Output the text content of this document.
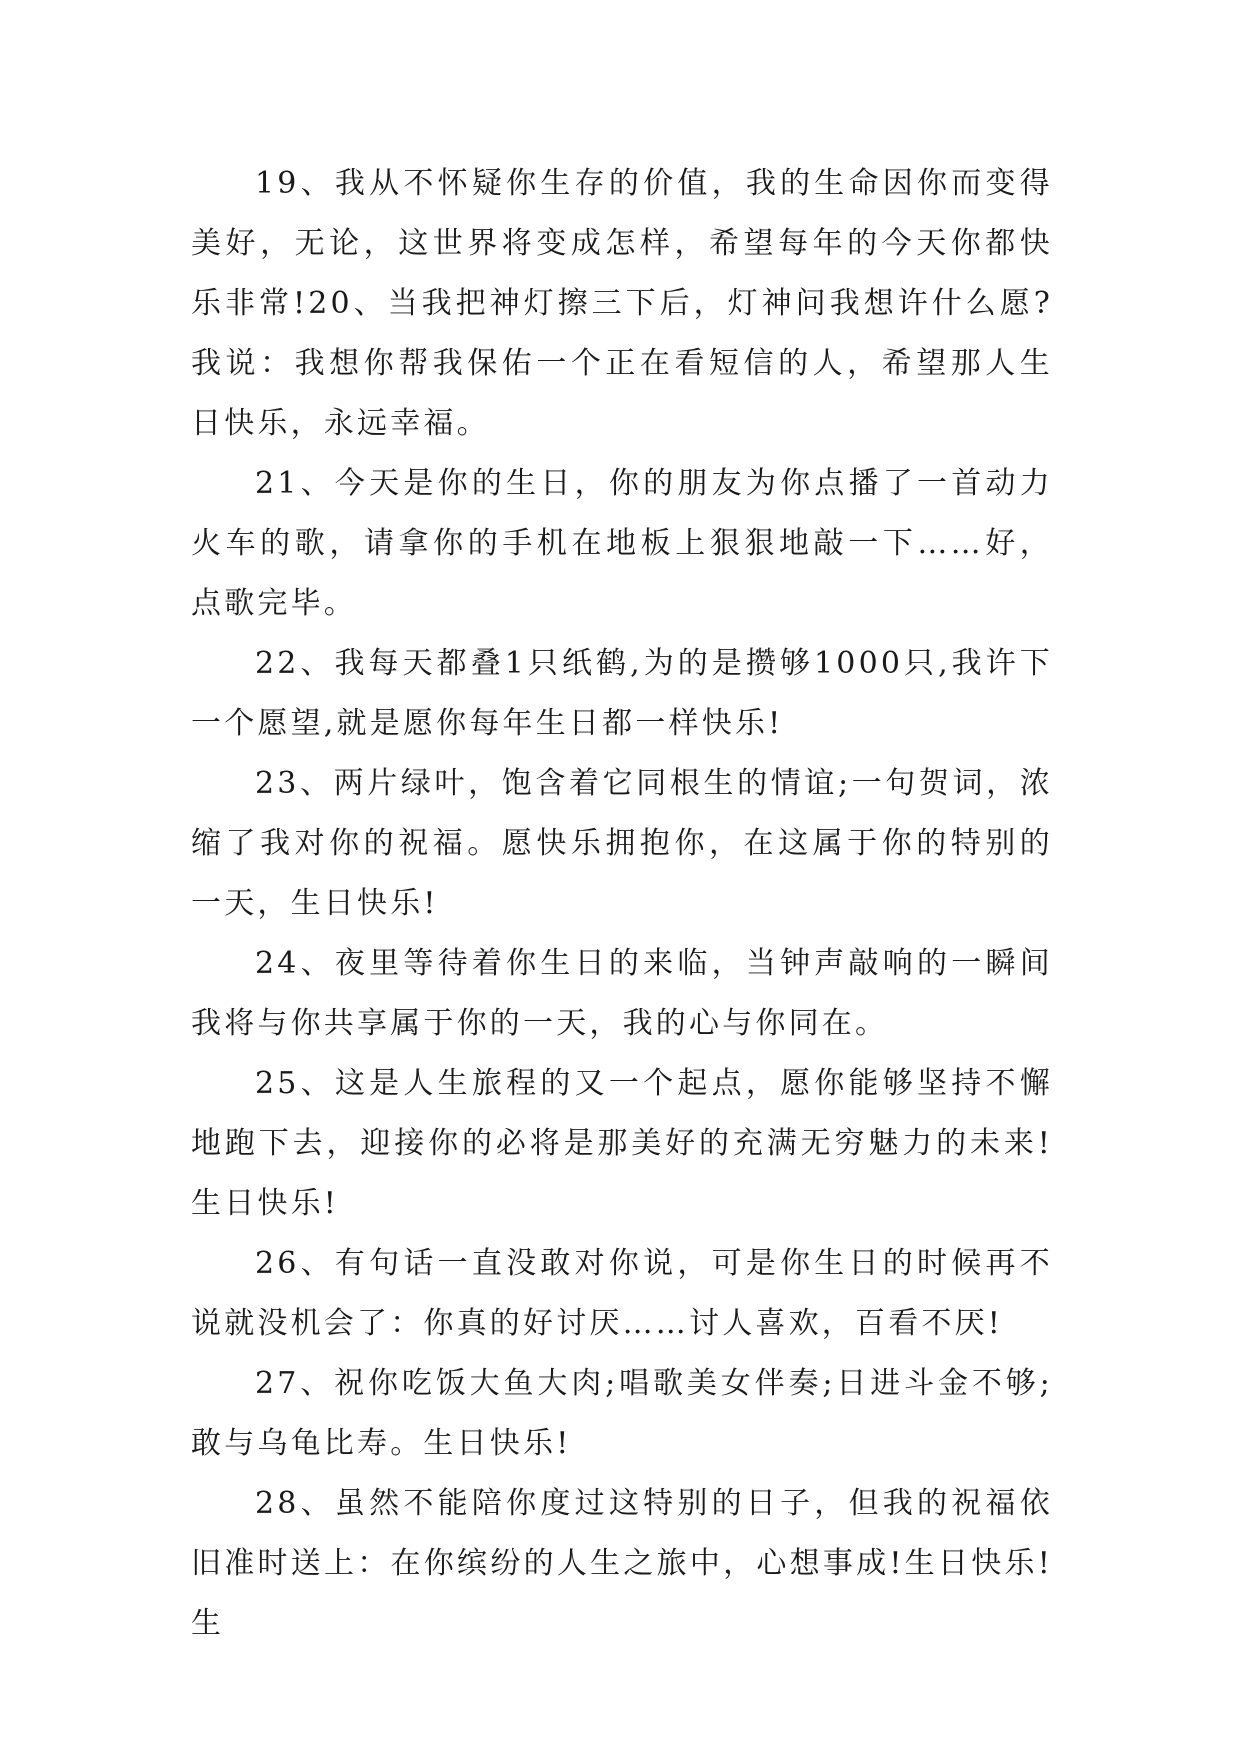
19、我从不怀疑你生存的价值，我的生命因你而变得美好，无论，这世界将变成怎样，希望每年的今天你都快乐非常!20、当我把神灯擦三下后，灯神问我想许什么愿?我说：我想你帮我保佑一个正在看短信的人，希望那人生日快乐，永远幸福。

21、今天是你的生日，你的朋友为你点播了一首动力火车的歌，请拿你的手机在地板上狠狠地敲一下……好，点歌完毕。

22、我每天都叠1只纸鹤,为的是攒够1000只,我许下一个愿望,就是愿你每年生日都一样快乐!

23、两片绿叶，饱含着它同根生的情谊;一句贺词，浓缩了我对你的祝福。愿快乐拥抱你，在这属于你的特别的一天，生日快乐!

24、夜里等待着你生日的来临，当钟声敲响的一瞬间我将与你共享属于你的一天，我的心与你同在。

25、这是人生旅程的又一个起点，愿你能够坚持不懈地跑下去，迎接你的必将是那美好的充满无穷魅力的未来!生日快乐!

26、有句话一直没敢对你说，可是你生日的时候再不说就没机会了：你真的好讨厌……讨人喜欢，百看不厌!

27、祝你吃饭大鱼大肉;唱歌美女伴奏;日进斗金不够;敢与乌龟比寿。生日快乐!

28、虽然不能陪你度过这特别的日子，但我的祝福依旧准时送上：在你缤纷的人生之旅中，心想事成!生日快乐!生
